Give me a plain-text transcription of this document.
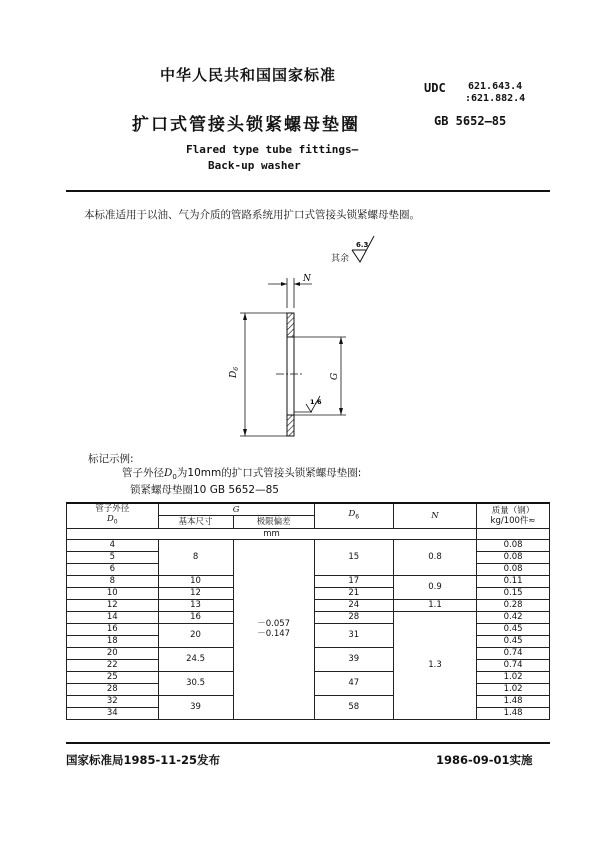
中华人民共和国国家标准
UDC 621.643.4
:621.882.4
扩口式管接头锁紧螺母垫圈	GB 5652—85
Flared type tube fittings—
Back-up washer
本标准适用于以油、气为介质的管路系统用扩口式管接头锁紧螺母垫圈。
其余
6.3
N
$D_6$
G
1.6
标记示例:
管子外径$D_0$为10mm的扩口式管接头锁紧螺母垫圈:
锁紧螺母垫圈10 GB 5652—85
管子外径
$D_0$	G		$D_6$	N	质量（钢）
kg/100件≈
	基本尺寸	极限偏差			
mm					
4	8	－0.057
－0.147	15	0.8	0.08
5					0.08
6					0.08
8	10		17	0.9	0.11
10	12		21		0.15
12	13		24	1.1	0.28
14	16		28	1.3	0.42
16	20		31		0.45
18					0.45
20	24.5		39		0.74
22					0.74
25	30.5		47		1.02
28					1.02
32	39		58		1.48
34					1.48
国家标准局1985-11-25发布	1986-09-01实施
